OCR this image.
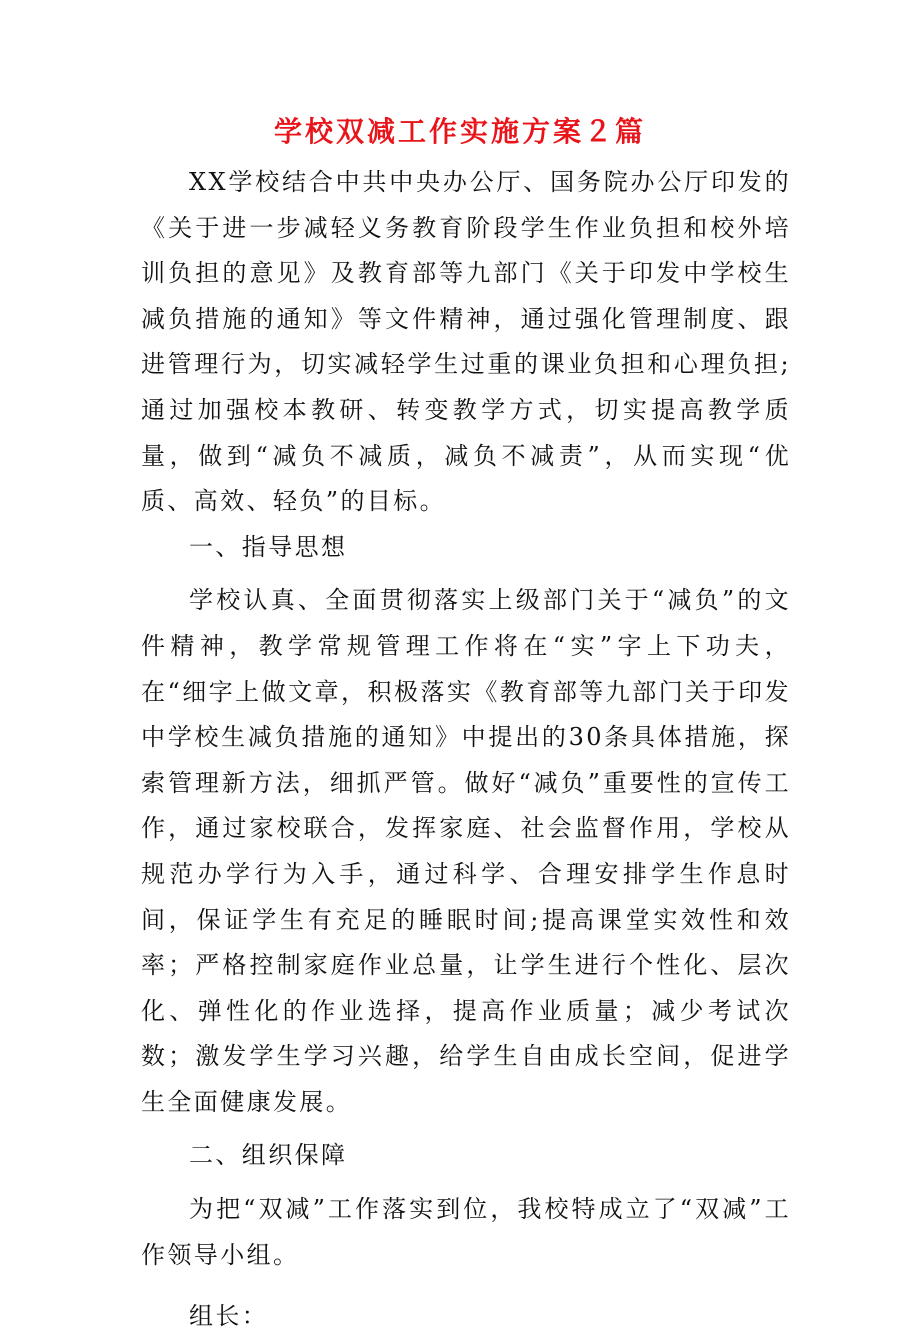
学校双减工作实施方案２篇

XX学校结合中共中央办公厅、国务院办公厅印发的《关于进一步减轻义务教育阶段学生作业负担和校外培训负担的意见》及教育部等九部门《关于印发中学校生减负措施的通知》等文件精神，通过强化管理制度、跟进管理行为，切实减轻学生过重的课业负担和心理负担;通过加强校本教研、转变教学方式，切实提高教学质量，做到“减负不减质，减负不减责”，从而实现“优质、高效、轻负”的目标。

一、指导思想

学校认真、全面贯彻落实上级部门关于“减负”的文件精神，教学常规管理工作将在“实”字上下功夫，在“细字上做文章，积极落实《教育部等九部门关于印发中学校生减负措施的通知》中提出的30条具体措施，探索管理新方法，细抓严管。做好“减负”重要性的宣传工作，通过家校联合，发挥家庭、社会监督作用，学校从规范办学行为入手，通过科学、合理安排学生作息时间，保证学生有充足的睡眠时间;提高课堂实效性和效率；严格控制家庭作业总量，让学生进行个性化、层次化、弹性化的作业选择，提高作业质量；减少考试次数；激发学生学习兴趣，给学生自由成长空间，促进学生全面健康发展。

二、组织保障

为把“双减”工作落实到位，我校特成立了“双减”工作领导小组。

组长：
